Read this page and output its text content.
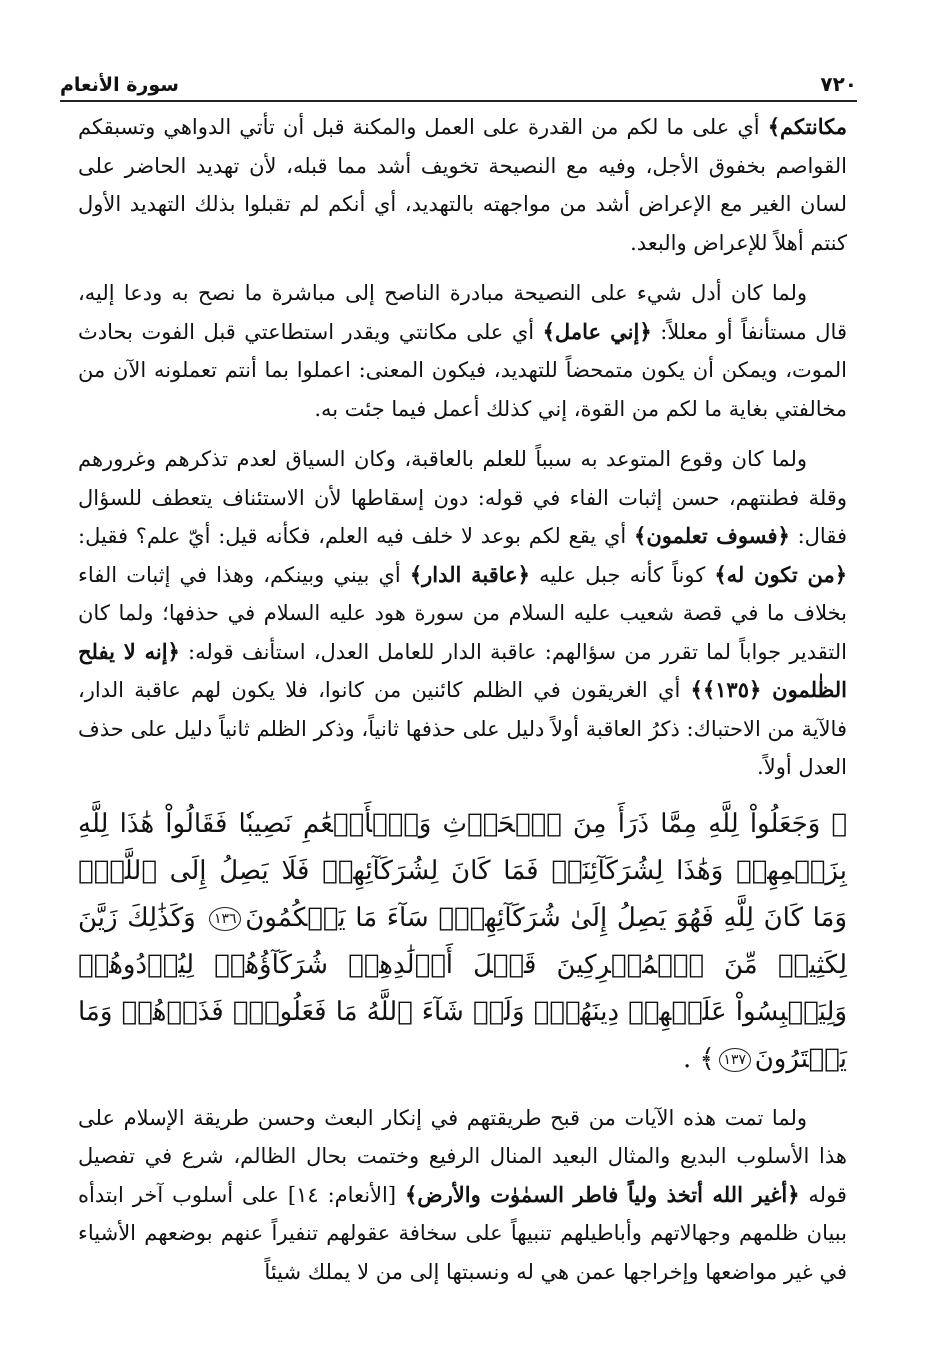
٧٢٠
سورة الأنعام

مكانتكم﴾ أي على ما لكم من القدرة على العمل والمكنة قبل أن تأتي الدواهي وتسبقكم القواصم بخفوق الأجل، وفيه مع النصيحة تخويف أشد مما قبله، لأن تهديد الحاضر على لسان الغير مع الإعراض أشد من مواجهته بالتهديد، أي أنكم لم تقبلوا بذلك التهديد الأول كنتم أهلاً للإعراض والبعد.

ولما كان أدل شيء على النصيحة مبادرة الناصح إلى مباشرة ما نصح به ودعا إليه، قال مستأنفاً أو معللاً: ﴿إني عامل﴾ أي على مكانتي ويقدر استطاعتي قبل الفوت بحادث الموت، ويمكن أن يكون متمحضاً للتهديد، فيكون المعنى: اعملوا بما أنتم تعملونه الآن من مخالفتي بغاية ما لكم من القوة، إني كذلك أعمل فيما جئت به.

ولما كان وقوع المتوعد به سبباً للعلم بالعاقبة، وكان السياق لعدم تذكرهم وغرورهم وقلة فطنتهم، حسن إثبات الفاء في قوله: دون إسقاطها لأن الاستئناف يتعطف للسؤال فقال: ﴿فسوف تعلمون﴾ أي يقع لكم بوعد لا خلف فيه العلم، فكأنه قيل: أيّ علم؟ فقيل: ﴿من تكون له﴾ كوناً كأنه جبل عليه ﴿عاقبة الدار﴾ أي بيني وبينكم، وهذا في إثبات الفاء بخلاف ما في قصة شعيب عليه السلام من سورة هود عليه السلام في حذفها؛ ولما كان التقدير جواباً لما تقرر من سؤالهم: عاقبة الدار للعامل العدل، استأنف قوله: ﴿إنه لا يفلح الظٰلمون ﴿١٣٥﴾﴾ أي الغريقون في الظلم كائنين من كانوا، فلا يكون لهم عاقبة الدار، فالآية من الاحتباك: ذكرُ العاقبة أولاً دليل على حذفها ثانياً، وذكر الظلم ثانياً دليل على حذف العدل أولاً.

﴿ وَجَعَلُواْ لِلَّهِ مِمَّا ذَرَأَ مِنَ ٱلۡحَرۡثِ وَٱلۡأَنۡعَٰمِ نَصِيبٗا فَقَالُواْ هَٰذَا لِلَّهِ بِزَعۡمِهِمۡ وَهَٰذَا لِشُرَكَآئِنَاۖ فَمَا كَانَ لِشُرَكَآئِهِمۡ فَلَا يَصِلُ إِلَى ٱللَّهِۖ وَمَا كَانَ لِلَّهِ فَهُوَ يَصِلُ إِلَىٰ شُرَكَآئِهِمۡۗ سَآءَ مَا يَحۡكُمُونَ١٣٦ وَكَذَٰلِكَ زَيَّنَ لِكَثِيرٖ مِّنَ ٱلۡمُشۡرِكِينَ قَتۡلَ أَوۡلَٰدِهِمۡ شُرَكَآؤُهُمۡ لِيُرۡدُوهُمۡ وَلِيَلۡبِسُواْ عَلَيۡهِمۡ دِينَهُمۡۖ وَلَوۡ شَآءَ ٱللَّهُ مَا فَعَلُوهُۖ فَذَرۡهُمۡ وَمَا يَفۡتَرُونَ١٣٧﴾ .

ولما تمت هذه الآيات من قبح طريقتهم في إنكار البعث وحسن طريقة الإسلام على هذا الأسلوب البديع والمثال البعيد المنال الرفيع وختمت بحال الظالم، شرع في تفصيل قوله ﴿أغير الله أتخذ ولياً فاطر السمٰوٰت والأرض﴾ [الأنعام: ١٤] على أسلوب آخر ابتدأه ببيان ظلمهم وجهالاتهم وأباطيلهم تنبيهاً على سخافة عقولهم تنفيراً عنهم بوضعهم الأشياء في غير مواضعها وإخراجها عمن هي له ونسبتها إلى من لا يملك شيئاً
